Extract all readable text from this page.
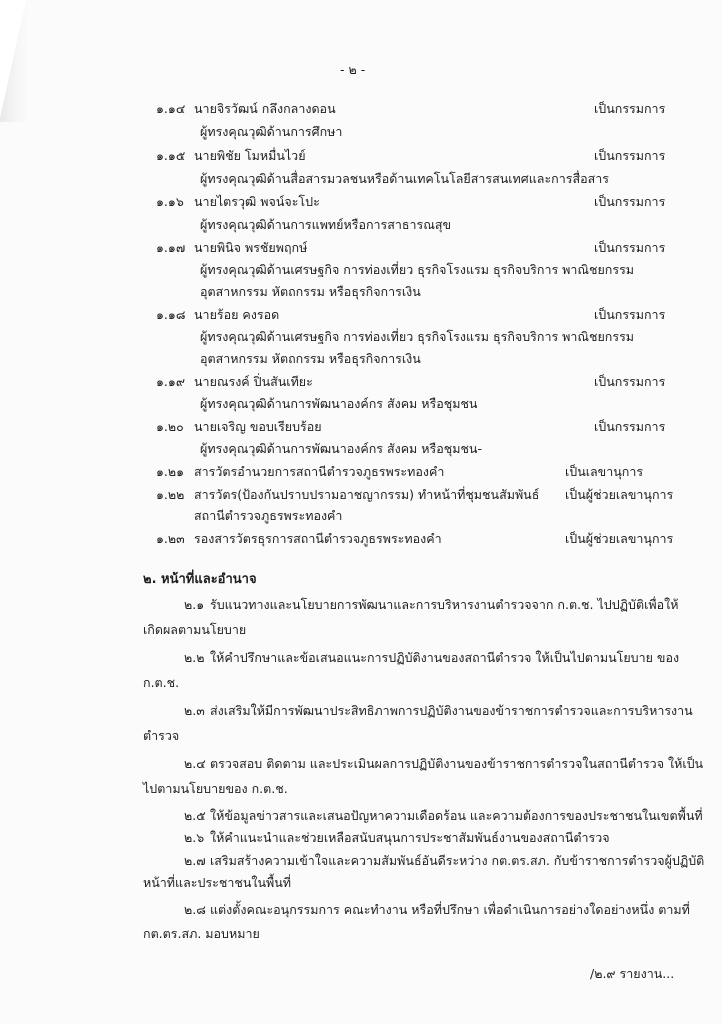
- ๒ -
๑.๑๔ นายจิรวัฒน์ กลึงกลางดอน	เป็นกรรมการ
ผู้ทรงคุณวุฒิด้านการศึกษา
๑.๑๕ นายพิชัย โมหมื่นไวย์	เป็นกรรมการ
ผู้ทรงคุณวุฒิด้านสื่อสารมวลชนหรือด้านเทคโนโลยีสารสนเทศและการสื่อสาร
๑.๑๖ นายไตรวุฒิ พจน์จะโปะ	เป็นกรรมการ
ผู้ทรงคุณวุฒิด้านการแพทย์หรือการสาธารณสุข
๑.๑๗ นายพินิจ พรชัยพฤกษ์	เป็นกรรมการ
ผู้ทรงคุณวุฒิด้านเศรษฐกิจ การท่องเที่ยว ธุรกิจโรงแรม ธุรกิจบริการ พาณิชยกรรม
อุตสาหกรรม หัตถกรรม หรือธุรกิจการเงิน
๑.๑๘ นายร้อย คงรอด	เป็นกรรมการ
ผู้ทรงคุณวุฒิด้านเศรษฐกิจ การท่องเที่ยว ธุรกิจโรงแรม ธุรกิจบริการ พาณิชยกรรม
อุตสาหกรรม หัตถกรรม หรือธุรกิจการเงิน
๑.๑๙ นายณรงค์ ปิ่นสันเทียะ	เป็นกรรมการ
ผู้ทรงคุณวุฒิด้านการพัฒนาองค์กร สังคม หรือชุมชน
๑.๒๐ นายเจริญ ขอบเรียบร้อย	เป็นกรรมการ
ผู้ทรงคุณวุฒิด้านการพัฒนาองค์กร สังคม หรือชุมชน-
๑.๒๑ สารวัตรอำนวยการสถานีตำรวจภูธรพระทองคำ	เป็นเลขานุการ
๑.๒๒ สารวัตร(ป้องกันปราบปรามอาชญากรรม) ทำหน้าที่ชุมชนสัมพันธ์ เป็นผู้ช่วยเลขานุการ
สถานีตำรวจภูธรพระทองคำ
๑.๒๓ รองสารวัตรธุรการสถานีตำรวจภูธรพระทองคำ	เป็นผู้ช่วยเลขานุการ
๒. หน้าที่และอำนาจ
๒.๑ รับแนวทางและนโยบายการพัฒนาและการบริหารงานตำรวจจาก ก.ต.ช. ไปปฏิบัติเพื่อให้
เกิดผลตามนโยบาย
๒.๒ ให้คำปรึกษาและข้อเสนอแนะการปฏิบัติงานของสถานีตำรวจ ให้เป็นไปตามนโยบาย ของ
ก.ต.ช.
๒.๓ ส่งเสริมให้มีการพัฒนาประสิทธิภาพการปฏิบัติงานของข้าราชการตำรวจและการบริหารงาน
ตำรวจ
๒.๔ ตรวจสอบ ติดตาม และประเมินผลการปฏิบัติงานของข้าราชการตำรวจในสถานีตำรวจ ให้เป็น
ไปตามนโยบายของ ก.ต.ช.
๒.๕ ให้ข้อมูลข่าวสารและเสนอปัญหาความเดือดร้อน และความต้องการของประชาชนในเขตพื้นที่
๒.๖ ให้คำแนะนำและช่วยเหลือสนับสนุนการประชาสัมพันธ์งานของสถานีตำรวจ
๒.๗ เสริมสร้างความเข้าใจและความสัมพันธ์อันดีระหว่าง กต.ตร.สภ. กับข้าราชการตำรวจผู้ปฏิบัติ
หน้าที่และประชาชนในพื้นที่
๒.๘ แต่งตั้งคณะอนุกรรมการ คณะทำงาน หรือที่ปรึกษา เพื่อดำเนินการอย่างใดอย่างหนึ่ง ตามที่
กต.ตร.สภ. มอบหมาย
/๒.๙ รายงาน...
